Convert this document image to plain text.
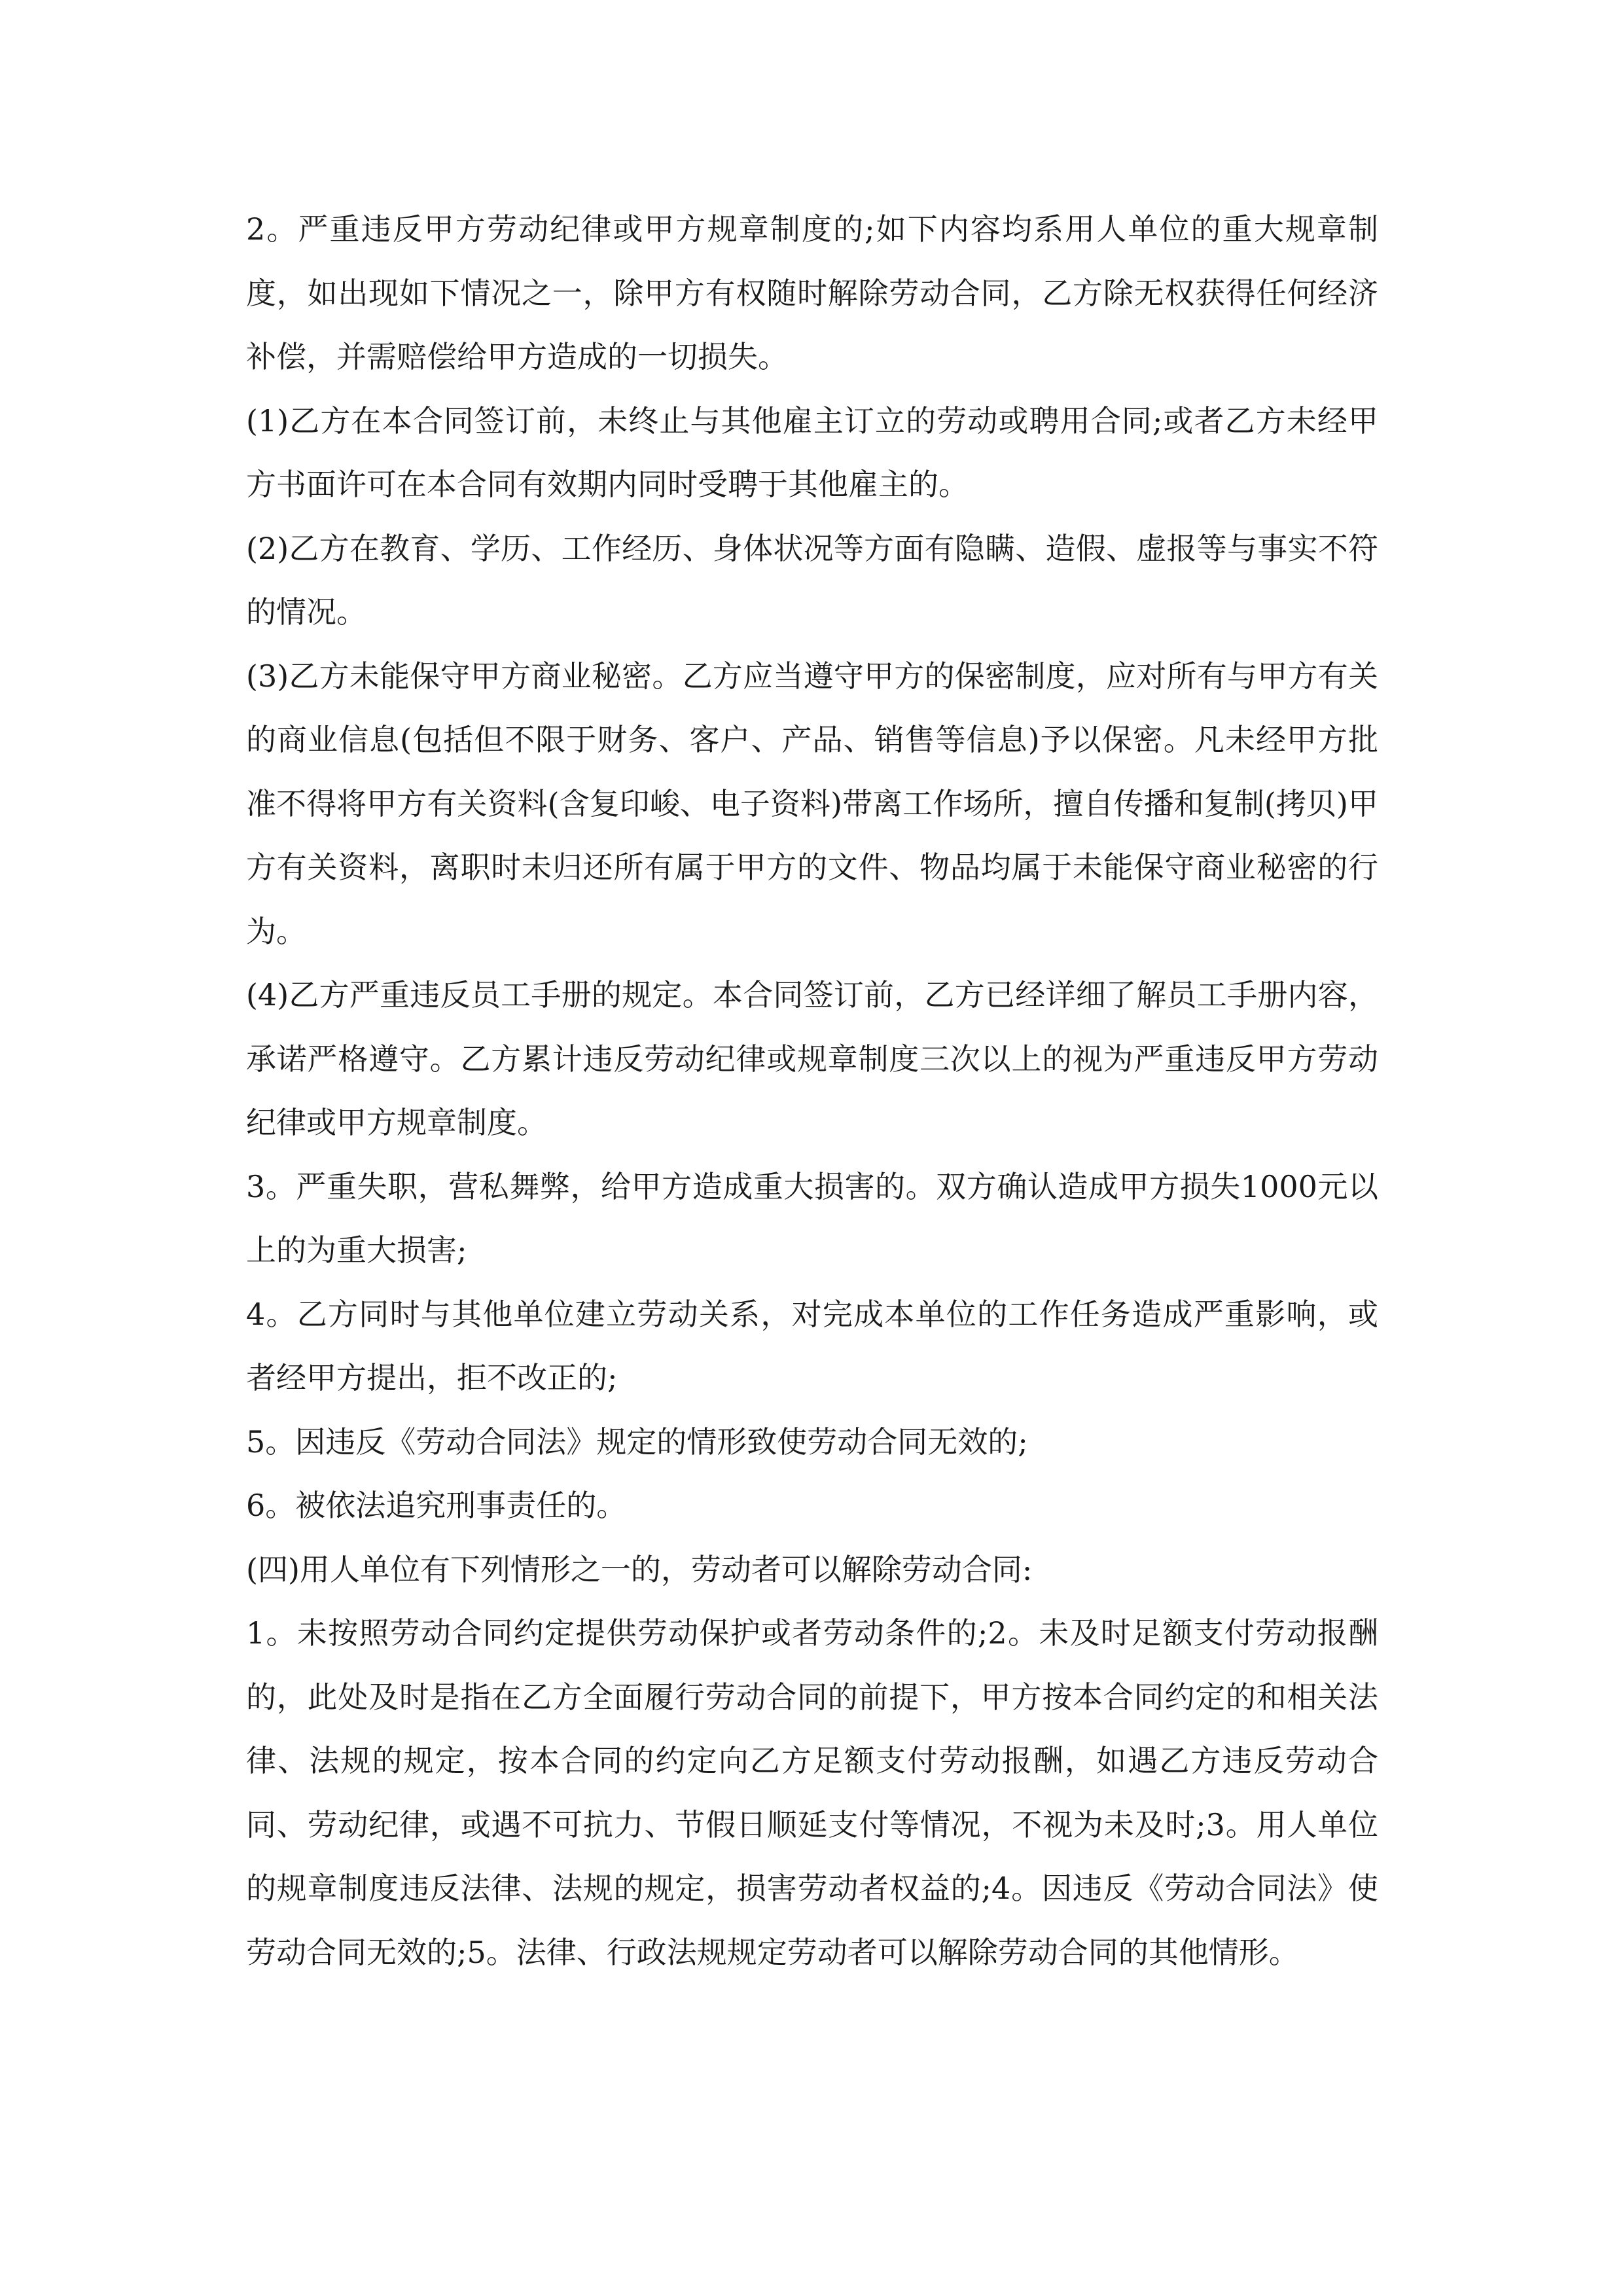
2。严重违反甲方劳动纪律或甲方规章制度的;如下内容均系用人单位的重大规章制度，如出现如下情况之一，除甲方有权随时解除劳动合同，乙方除无权获得任何经济补偿，并需赔偿给甲方造成的一切损失。

(1)乙方在本合同签订前，未终止与其他雇主订立的劳动或聘用合同;或者乙方未经甲方书面许可在本合同有效期内同时受聘于其他雇主的。

(2)乙方在教育、学历、工作经历、身体状况等方面有隐瞒、造假、虚报等与事实不符的情况。

(3)乙方未能保守甲方商业秘密。乙方应当遵守甲方的保密制度，应对所有与甲方有关的商业信息(包括但不限于财务、客户、产品、销售等信息)予以保密。凡未经甲方批准不得将甲方有关资料(含复印峻、电子资料)带离工作场所，擅自传播和复制(拷贝)甲方有关资料，离职时未归还所有属于甲方的文件、物品均属于未能保守商业秘密的行为。

(4)乙方严重违反员工手册的规定。本合同签订前，乙方已经详细了解员工手册内容，承诺严格遵守。乙方累计违反劳动纪律或规章制度三次以上的视为严重违反甲方劳动纪律或甲方规章制度。

3。严重失职，营私舞弊，给甲方造成重大损害的。双方确认造成甲方损失1000元以上的为重大损害;

4。乙方同时与其他单位建立劳动关系，对完成本单位的工作任务造成严重影响，或者经甲方提出，拒不改正的;

5。因违反《劳动合同法》规定的情形致使劳动合同无效的;

6。被依法追究刑事责任的。

(四)用人单位有下列情形之一的，劳动者可以解除劳动合同:

1。未按照劳动合同约定提供劳动保护或者劳动条件的;2。未及时足额支付劳动报酬的，此处及时是指在乙方全面履行劳动合同的前提下，甲方按本合同约定的和相关法律、法规的规定，按本合同的约定向乙方足额支付劳动报酬，如遇乙方违反劳动合同、劳动纪律，或遇不可抗力、节假日顺延支付等情况，不视为未及时;3。用人单位的规章制度违反法律、法规的规定，损害劳动者权益的;4。因违反《劳动合同法》使劳动合同无效的;5。法律、行政法规规定劳动者可以解除劳动合同的其他情形。
